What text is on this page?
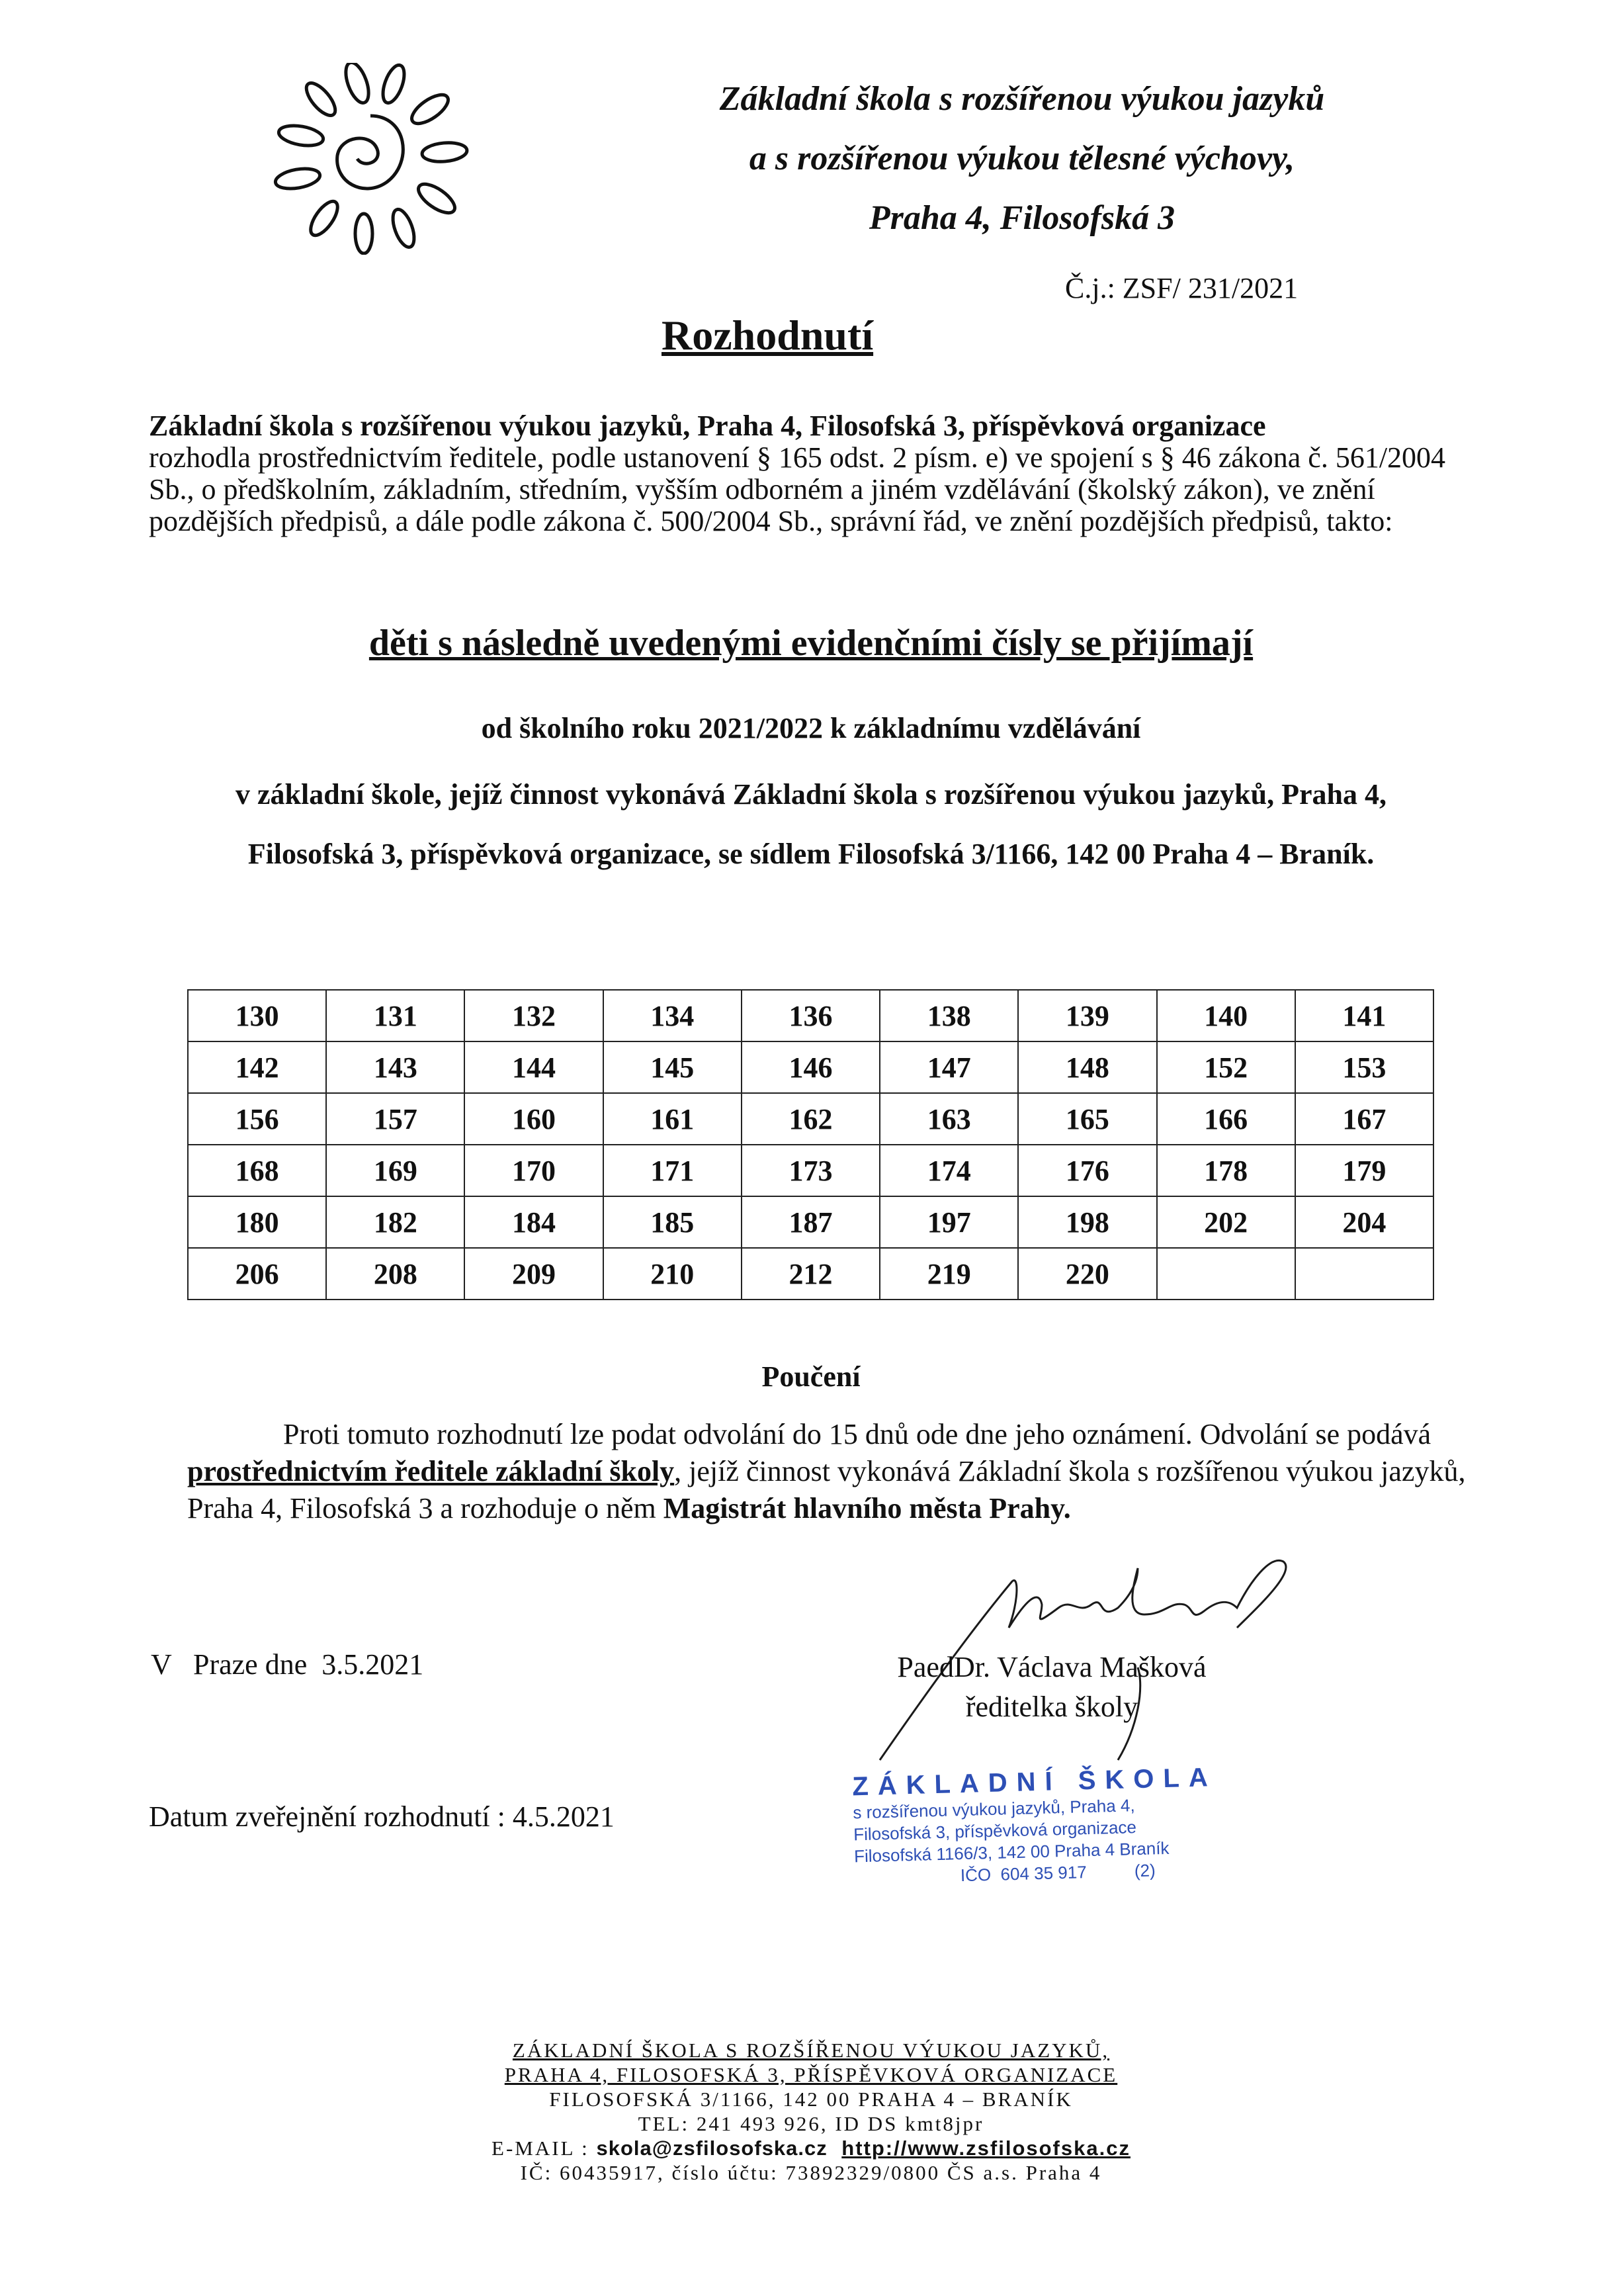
Základní škola s rozšířenou výukou jazyků
a s rozšířenou výukou tělesné výchovy,
Praha 4, Filosofská 3
Č.j.: ZSF/ 231/2021
Rozhodnutí
Základní škola s rozšířenou výukou jazyků, Praha 4, Filosofská 3, příspěvková organizace
rozhodla prostřednictvím ředitele, podle ustanovení § 165 odst. 2 písm. e) ve spojení s § 46 zákona č. 561/2004 Sb., o předškolním, základním, středním, vyšším odborném a jiném vzdělávání (školský zákon), ve znění pozdějších předpisů, a dále podle zákona č. 500/2004 Sb., správní řád, ve znění pozdějších předpisů, takto:
děti s následně uvedenými evidenčními čísly se přijímají
od školního roku 2021/2022 k základnímu vzdělávání
v základní škole, jejíž činnost vykonává Základní škola s rozšířenou výukou jazyků, Praha 4,
Filosofská 3, příspěvková organizace, se sídlem Filosofská 3/1166, 142 00 Praha 4 – Braník.
130	131	132	134	136	138	139	140	141
142	143	144	145	146	147	148	152	153
156	157	160	161	162	163	165	166	167
168	169	170	171	173	174	176	178	179
180	182	184	185	187	197	198	202	204
206	208	209	210	212	219	220		
Poučení
Proti tomuto rozhodnutí lze podat odvolání do 15 dnů ode dne jeho oznámení. Odvolání se podává prostřednictvím ředitele základní školy, jejíž činnost vykonává Základní škola s rozšířenou výukou jazyků, Praha 4, Filosofská 3 a rozhoduje o něm Magistrát hlavního města Prahy.
V   Praze dne  3.5.2021	PaedDr. Václava Mašková
ředitelka školy
Datum zveřejnění rozhodnutí : 4.5.2021
ZÁKLADNÍ ŠKOLA
s rozšířenou výukou jazyků, Praha 4,
Filosofská 3, příspěvková organizace
Filosofská 1166/3, 142 00 Praha 4 Braník
IČO  604 35 917          (2)
ZÁKLADNÍ ŠKOLA S ROZŠÍŘENOU VÝUKOU JAZYKŮ,
PRAHA 4, FILOSOFSKÁ 3, PŘÍSPĚVKOVÁ ORGANIZACE
FILOSOFSKÁ 3/1166, 142 00 PRAHA 4 – BRANÍK
TEL: 241 493 926, ID DS kmt8jpr
E-MAIL : skola@zsfilosofska.cz http://www.zsfilosofska.cz
IČ: 60435917, číslo účtu: 73892329/0800 ČS a.s. Praha 4
